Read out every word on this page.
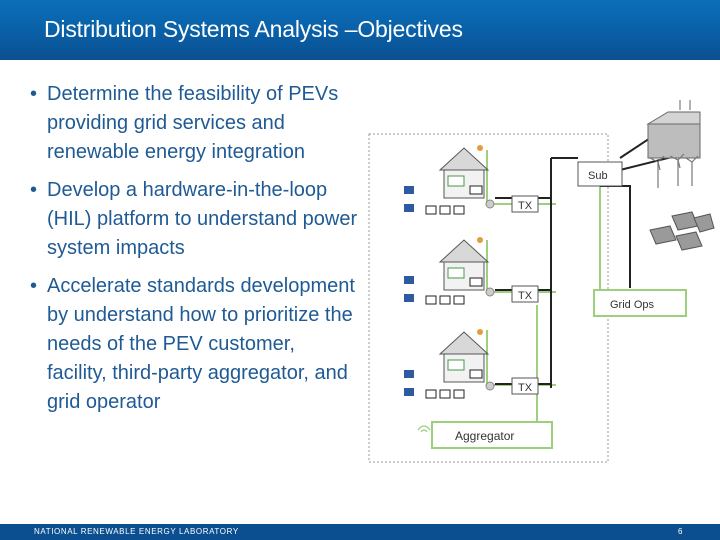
Distribution Systems Analysis –Objectives
• Determine the feasibility of PEVs providing grid services and renewable energy integration
• Develop a hardware-in-the-loop (HIL) platform to understand power system impacts
• Accelerate standards development by understand how to prioritize the needs of the PEV customer, facility, third-party aggregator, and grid operator
Sub
Grid Ops
Aggregator
TX
TX
TX
NATIONAL RENEWABLE ENERGY LABORATORY	6
